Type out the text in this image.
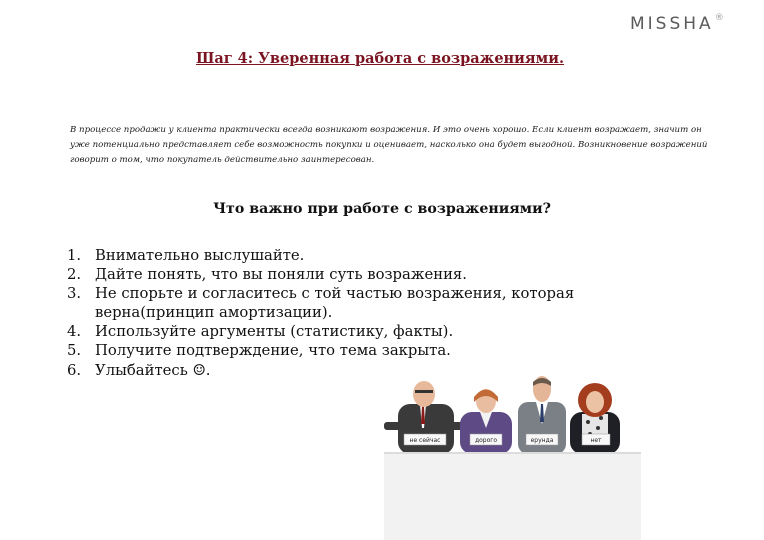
MISSHA ®
Шаг 4: Уверенная работа с возражениями.

В процессе продажи у клиента практически всегда возникают возражения. И это очень хорошо. Если клиент возражает, значит он уже потенциально представляет себе возможность покупки и оценивает, насколько она будет выгодной. Возникновение возражений говорит о том, что покупатель действительно заинтересован.

Что важно при работе с возражениями?
1. Внимательно выслушайте.
2. Дайте понять, что вы поняли суть возражения.
3. Не спорьте и согласитесь с той частью возражения, которая верна(принцип амортизации).
4. Используйте аргументы (статистику, факты).
5. Получите подтверждение, что тема закрыта.
6. Улыбайтесь ☺.
не сейчас	дорого	ерунда	нет
